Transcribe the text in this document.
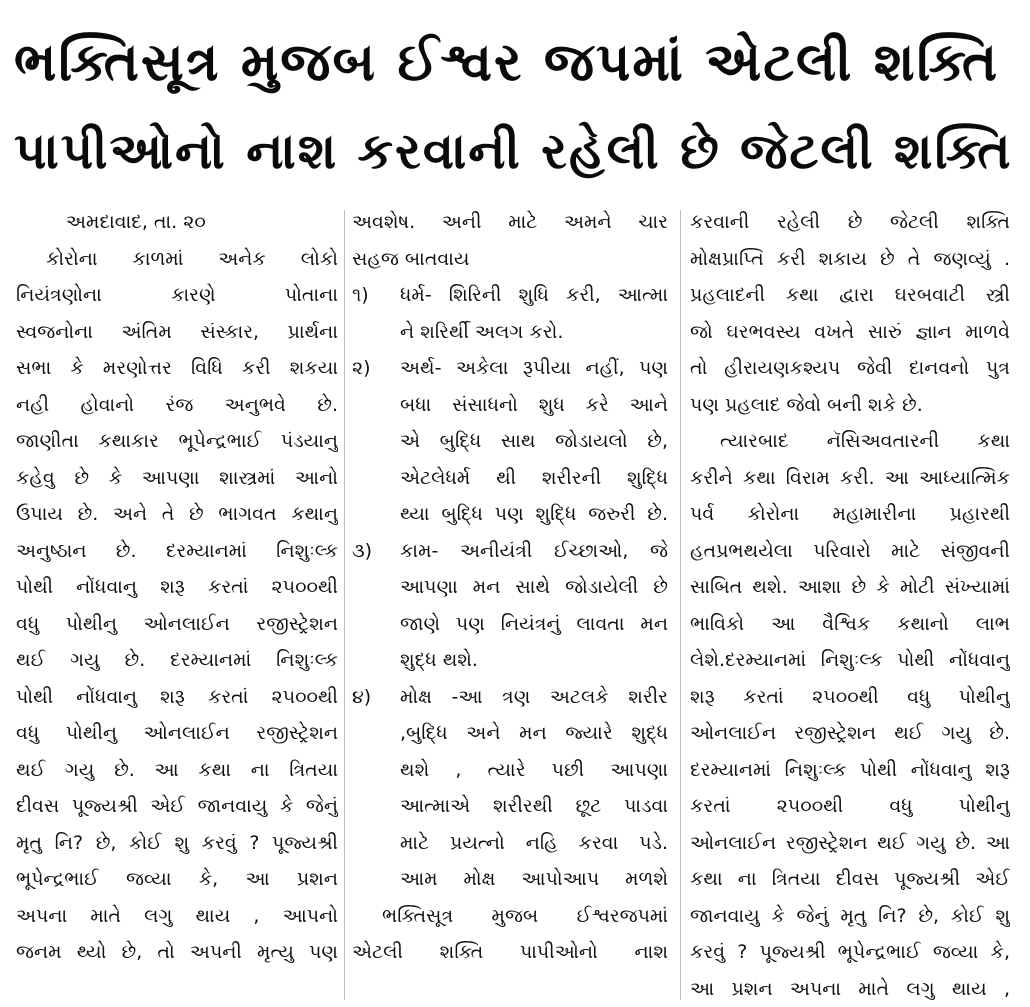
ભક્તિસૂત્ર મુજબ ઈશ્વર જપમાં એટલી શક્તિ
પાપીઓનો નાશ કરવાની રહેલી છે જેટલી શક્તિ
અમદાવાદ, તા. ૨૦
કોરોના કાળમાં અનેક લોકો
નિયંત્રણોના કારણે પોતાના
સ્વજનોના અંતિમ સંસ્કાર, પ્રાર્થના
સભા કે મરણોત્તર વિધિ કરી શકયા
નહી હોવાનો રંજ અનુભવે છે.
જાણીતા કથાકાર ભૂપેન્દ્રભાઈ પંડયાનુ
કહેવુ છે કે આપણા શાસ્ત્રમાં આનો
ઉપાય છે. અને તે છે ભાગવત કથાનુ
અનુષ્ઠાન છે. દરમ્યાનમાં નિશુઃલ્ક
પોથી નોંધવાનુ શરૂ કરતાં ૨૫૦૦થી
વધુ પોથીનુ ઓનલાઈન રજીસ્ટ્રેશન
થઈ ગયુ છે. દરમ્યાનમાં નિશુઃલ્ક
પોથી નોંધવાનુ શરૂ કરતાં ૨૫૦૦થી
વધુ પોથીનુ ઓનલાઈન રજીસ્ટ્રેશન
થઈ ગયુ છે. આ કથા ના ત્રિતયા
દીવસ પૂજ્યશ્રી એઈ જાનવાયુ કે જેનું
મૃતુ નિ? છે, કોઈ શુ કરવું ? પૂજ્યશ્રી
ભૂપેન્દ્રભાઈ જવ્યા કે, આ પ્રશન
અપના માતે લગુ થાય , આપનો
જનમ થ્યો છે, તો અપની મૃત્યુ પણ
અવશેષ. અની માટે અમને ચાર
સહજ બાતવાય
૧)	ધર્મ- શિરિની શુધિ કરી, આત્મા
ને શરિર્થી અલગ કરો.
૨)	અર્થ- અકેલા રૂપીયા નહીં, પણ
બધા સંસાધનો શુધ કરે આને
એ બુદ્ધિ સાથ જોડાયલો છે,
એટલેધર્મ થી શરીરની શુદ્ધિ
થ્યા બુદ્ધિ પણ શુદ્ધિ જરુરી છે.
૩)	કામ- અનીયંત્રી ઈચ્છાઓ, જે
આપણા મન સાથે જોડાયેલી છે
જાણે પણ નિયંત્રનું લાવતા મન
શુદ્ધ થશે.
૪)	મોક્ષ -આ ત્રણ અટલકે શરીર
,બુદ્ધિ અને મન જ્યારે શુદ્ધ
થશે , ત્યારે પછી આપણા
આત્માએ શરીરથી છૂટ પાડવા
માટે પ્રયત્નો નહિ કરવા પડે.
આમ મોક્ષ આપોઆપ મળશે
ભક્તિસૂત્ર મુજબ ઈશ્વરજપમાં
એટલી શક્તિ પાપીઓનો નાશ
કરવાની રહેલી છે જેટલી શક્તિ
મોક્ષપ્રાપ્તિ કરી શકાય છે તે જણવ્યું .
પ્રહલાદની કથા દ્વારા ઘરબવાટી સ્ત્રી
જો ઘરભવસ્ય વખતે સારું જ્ઞાન માળવે
તો હીરાયણકશ્યપ જેવી દાનવનો પુત્ર
પણ પ્રહલાદ જેવો બની શકે છે.
ત્યારબાદ નૅસિઅવતારની કથા
કરીને કથા વિરામ કરી. આ આધ્યાત્મિક
પર્વ કોરોના મહામારીના પ્રહારથી
હતપ્રભથયેલા પરિવારો માટે સંજીવની
સાબિત થશે. આશા છે કે મોટી સંખ્યામાં
ભાવિકો આ વૈશ્વિક કથાનો લાભ
લેશે.દરમ્યાનમાં નિશુઃલ્ક પોથી નોંધવાનુ
શરૂ કરતાં ૨૫૦૦થી વધુ પોથીનુ
ઓનલાઈન રજીસ્ટ્રેશન થઈ ગયુ છે.
દરમ્યાનમાં નિશુઃલ્ક પોથી નોંધવાનુ શરૂ
કરતાં ૨૫૦૦થી વધુ પોથીનુ
ઓનલાઈન રજીસ્ટ્રેશન થઈ ગયુ છે. આ
કથા ના ત્રિતયા દીવસ પૂજ્યશ્રી એઈ
જાનવાયુ કે જેનું મૃતુ નિ? છે, કોઈ શુ
કરવું ? પૂજ્યશ્રી ભૂપેન્દ્રભાઈ જવ્યા કે,
આ પ્રશન અપના માતે લગુ થાય ,
